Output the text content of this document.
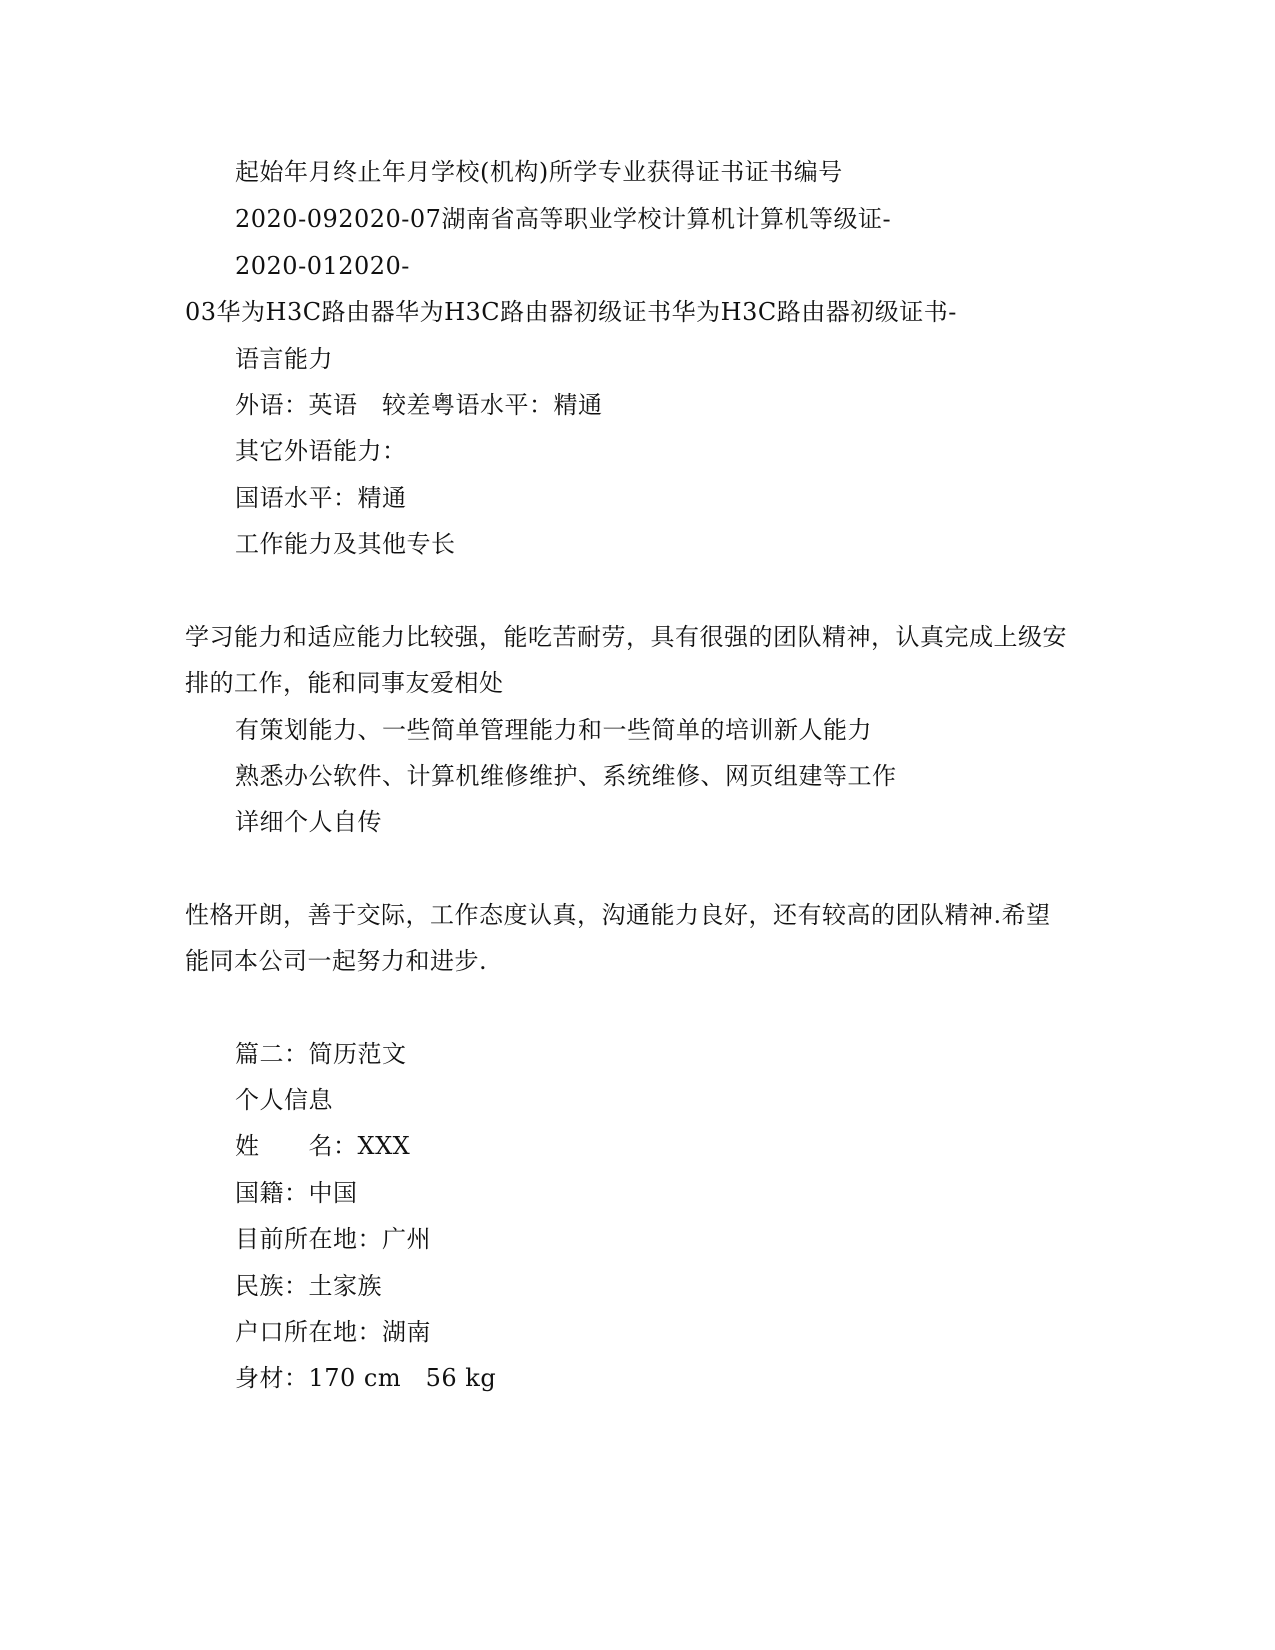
起始年月终止年月学校(机构)所学专业获得证书证书编号
2020-092020-07湖南省高等职业学校计算机计算机等级证-
2020-012020-
03华为H3C路由器华为H3C路由器初级证书华为H3C路由器初级证书-
语言能力
外语：英语　较差粤语水平：精通
其它外语能力：
国语水平：精通
工作能力及其他专长
学习能力和适应能力比较强，能吃苦耐劳，具有很强的团队精神，认真完成上级安
排的工作，能和同事友爱相处
有策划能力、一些简单管理能力和一些简单的培训新人能力
熟悉办公软件、计算机维修维护、系统维修、网页组建等工作
详细个人自传
性格开朗，善于交际，工作态度认真，沟通能力良好，还有较高的团队精神.希望
能同本公司一起努力和进步.
篇二：简历范文
个人信息
姓　　名：XXX
国籍：中国
目前所在地：广州
民族：土家族
户口所在地：湖南
身材：170 cm　56 kg
